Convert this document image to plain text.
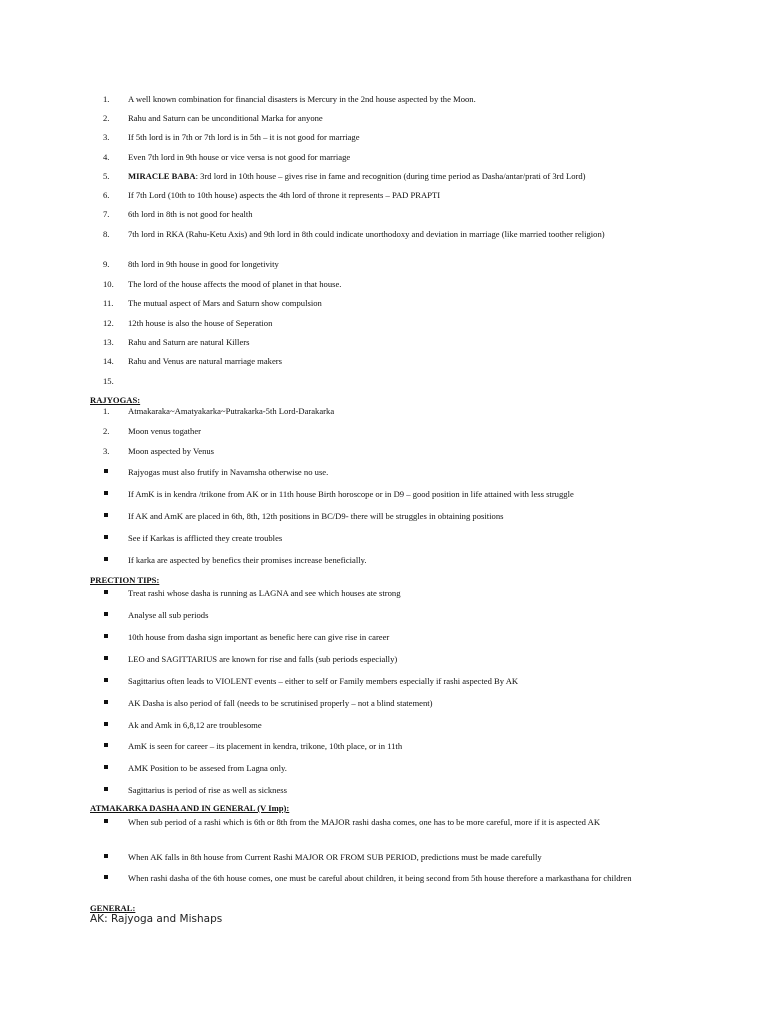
1.	A well known combination for financial disasters is Mercury in the 2nd house aspected by the Moon.
2.	Rahu and Saturn can be unconditional Marka for anyone
3.	If 5th lord is in 7th or 7th lord is in 5th – it is not good for marriage
4.	Even 7th lord in 9th house or vice versa is not good for marriage
5.	MIRACLE BABA: 3rd lord in 10th house – gives rise in fame and recognition (during time period as Dasha/antar/prati of 3rd Lord)
6.	If 7th Lord (10th to 10th house) aspects the 4th lord of throne it represents – PAD PRAPTI
7.	6th lord in 8th is not good for health
8.	7th lord in RKA (Rahu-Ketu Axis) and 9th lord in 8th could indicate unorthodoxy and deviation in marriage (like married toother religion)
9.	8th lord in 9th house in good for longetivity
10.	The lord of the house affects the mood of planet in that house.
11.	The mutual aspect of Mars and Saturn show compulsion
12.	12th house is also the house of Seperation
13.	Rahu and Saturn are natural Killers
14.	Rahu and Venus are natural marriage makers
15.
RAJYOGAS:
1.	Atmakaraka~Amatyakarka~Putrakarka-5th Lord-Darakarka
2.	Moon venus togather
3.	Moon aspected by Venus
Rajyogas must also frutify in Navamsha otherwise no use.
If AmK is in kendra /trikone from AK or in 11th house Birth horoscope or in D9 – good position in life attained with less struggle
If AK and AmK are placed in 6th, 8th, 12th positions in BC/D9- there will be struggles in obtaining positions
See if Karkas is afflicted they create troubles
If karka are aspected by benefics their promises increase beneficially.
PRECTION TIPS:
Treat rashi whose dasha is running as LAGNA and see which houses ate strong
Analyse all sub periods
10th house from dasha sign important as benefic here can give rise in career
LEO and SAGITTARIUS are known for rise and falls (sub periods especially)
Sagittarius often leads to VIOLENT events – either to self or Family members especially if rashi aspected By AK
AK Dasha is also period of fall (needs to be scrutinised properly – not a blind statement)
Ak and Amk in 6,8,12 are troublesome
AmK is seen for career – its placement in kendra, trikone, 10th place, or in 11th
AMK Position to be assesed from Lagna only.
Sagittarius is period of rise as well as sickness
ATMAKARKA DASHA AND IN GENERAL (V Imp):
When sub period of a rashi which is 6th or 8th from the MAJOR rashi dasha comes, one has to be more careful, more if it is aspected AK
When AK falls in 8th house from Current Rashi MAJOR OR FROM SUB PERIOD, predictions must be made carefully
When rashi dasha of the 6th house comes, one must be careful about children, it being second from 5th house therefore a markasthana for children
GENERAL:
AK: Rajyoga and Mishaps
